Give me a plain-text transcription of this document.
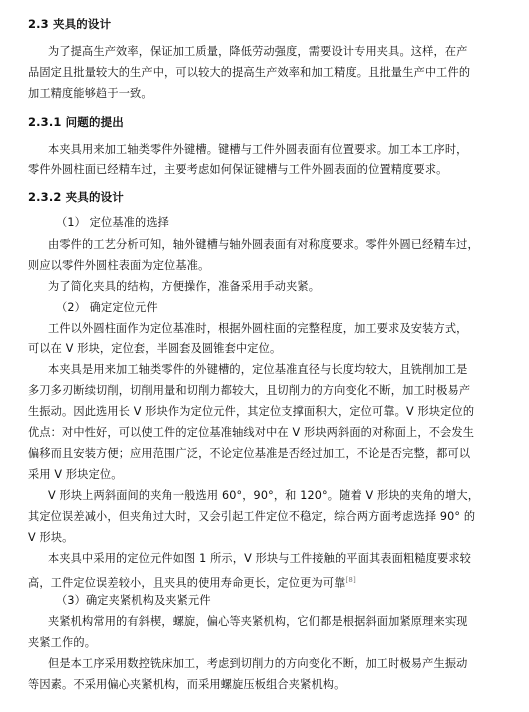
2.3 夹具的设计
为了提高生产效率，保证加工质量，降低劳动强度，需要设计专用夹具。这样，在产
品固定且批量较大的生产中，可以较大的提高生产效率和加工精度。且批量生产中工件的
加工精度能够趋于一致。
2.3.1 问题的提出
本夹具用来加工轴类零件外键槽。键槽与工件外圆表面有位置要求。加工本工序时，
零件外圆柱面已经精车过，主要考虑如何保证键槽与工件外圆表面的位置精度要求。
2.3.2 夹具的设计
（1） 定位基准的选择
由零件的工艺分析可知，轴外键槽与轴外圆表面有对称度要求。零件外圆已经精车过，
则应以零件外圆柱表面为定位基准。
为了简化夹具的结构，方便操作，准备采用手动夹紧。
（2） 确定定位元件
工件以外圆柱面作为定位基准时，根据外圆柱面的完整程度，加工要求及安装方式，
可以在 V 形块，定位套，半圆套及圆锥套中定位。
本夹具是用来加工轴类零件的外键槽的，定位基准直径与长度均较大，且铣削加工是
多刀多刃断续切削，切削用量和切削力都较大，且切削力的方向变化不断，加工时极易产
生振动。因此选用长 V 形块作为定位元件，其定位支撑面积大，定位可靠。V 形块定位的
优点：对中性好，可以使工件的定位基准轴线对中在 V 形块两斜面的对称面上，不会发生
偏移而且安装方便；应用范围广泛，不论定位基准是否经过加工，不论是否完整，都可以
采用 V 形块定位。
V 形块上两斜面间的夹角一般选用 60°，90°，和 120°。随着 V 形块的夹角的增大，
其定位误差减小，但夹角过大时，又会引起工件定位不稳定，综合两方面考虑选择 90° 的
V 形块。
本夹具中采用的定位元件如图 1 所示，V 形块与工件接触的平面其表面粗糙度要求较
高，工件定位误差较小，且夹具的使用寿命更长，定位更为可靠[8]
（3）确定夹紧机构及夹紧元件
夹紧机构常用的有斜楔，螺旋，偏心等夹紧机构，它们都是根据斜面加紧原理来实现
夹紧工作的。
但是本工序采用数控铣床加工，考虑到切削力的方向变化不断，加工时极易产生振动
等因素。不采用偏心夹紧机构，而采用螺旋压板组合夹紧机构。
